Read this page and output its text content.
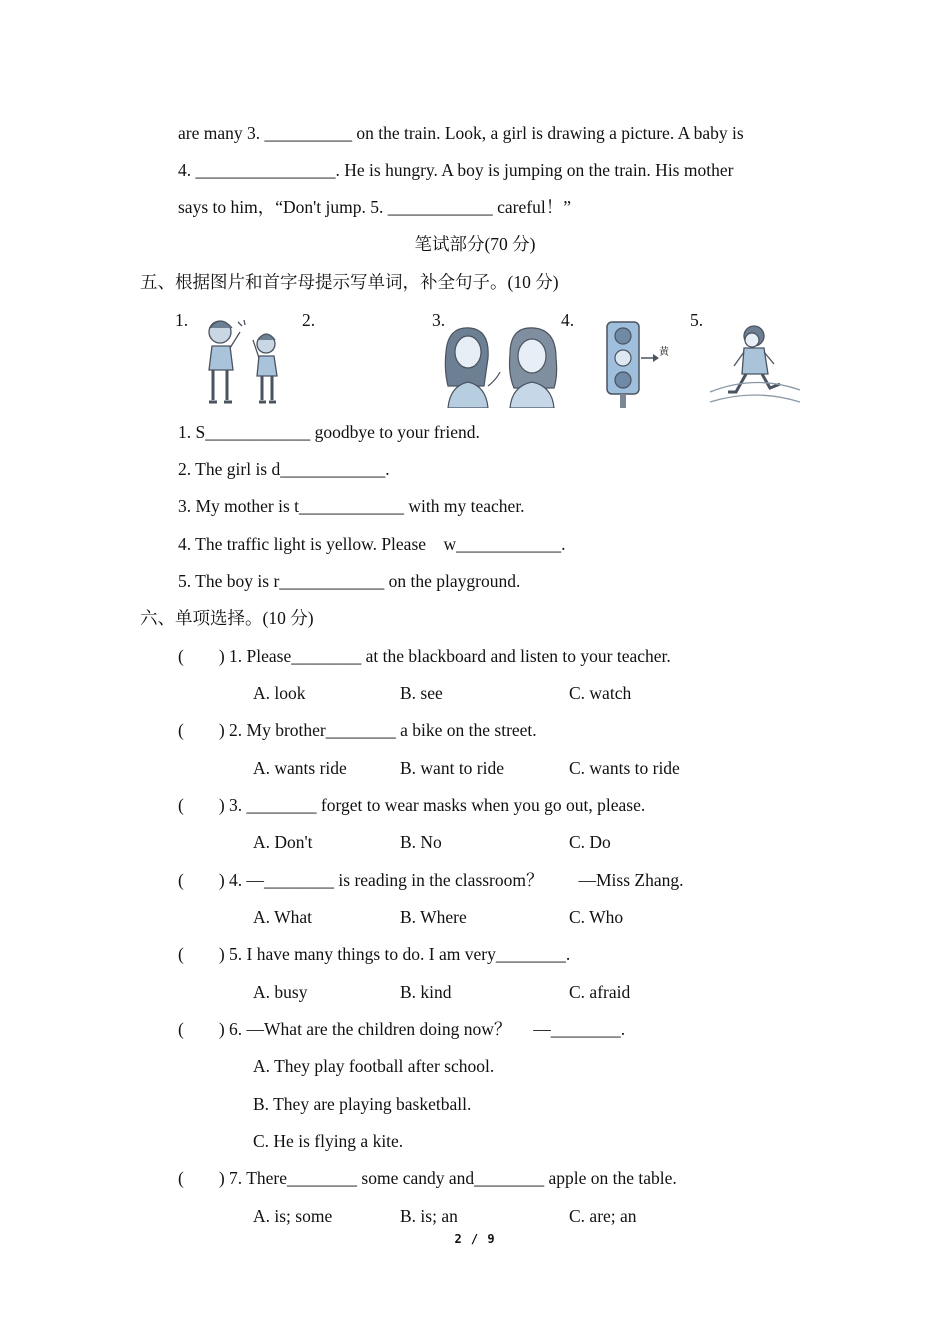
are many 3. __________ on the train. Look, a girl is drawing a picture. A baby is
4. ________________. He is hungry. A boy is jumping on the train. His mother
says to him，“Don't jump. 5. ____________ careful！”
笔试部分(70 分)
五、根据图片和首字母提示写单词，补全句子。(10 分)
1.	2.	3.	4.	5.
黄
1. S____________ goodbye to your friend.
2. The girl is d____________.
3. My mother is t____________ with my teacher.
4. The traffic light is yellow. Please    w____________.
5. The boy is r____________ on the playground.
六、单项选择。(10 分)
(        ) 1. Please________ at the blackboard and listen to your teacher.
A. look	B. see	C. watch
(        ) 2. My brother________ a bike on the street.
A. wants ride	B. want to ride	C. wants to ride
(        ) 3. ________ forget to wear masks when you go out, please.
A. Don't	B. No	C. Do
(        ) 4. —________ is reading in the classroom？        —Miss Zhang.
A. What	B. Where	C. Who
(        ) 5. I have many things to do. I am very________.
A. busy	B. kind	C. afraid
(        ) 6. —What are the children doing now？     —________.
A. They play football after school.
B. They are playing basketball.
C. He is flying a kite.
(        ) 7. There________ some candy and________ apple on the table.
A. is; some	B. is; an	C. are; an
2 / 9
